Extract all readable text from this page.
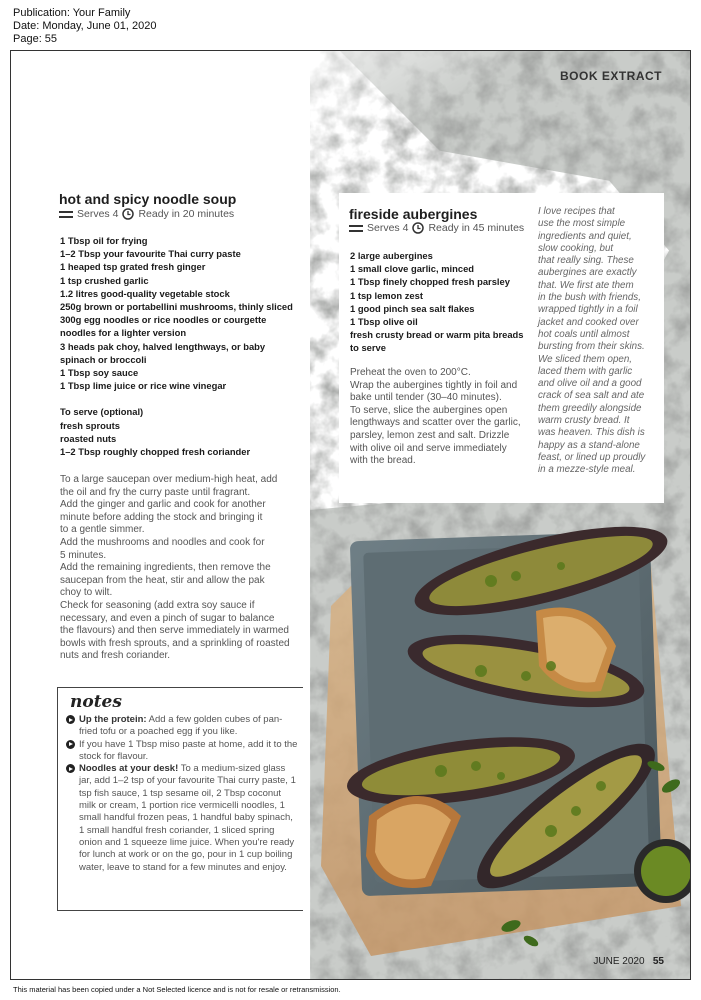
Publication: Your Family
Date: Monday, June 01, 2020
Page: 55
BOOK EXTRACT
hot and spicy noodle soup
Serves 4 Ready in 20 minutes
1 Tbsp oil for frying
1–2 Tbsp your favourite Thai curry paste
1 heaped tsp grated fresh ginger
1 tsp crushed garlic
1.2 litres good-quality vegetable stock
250g brown or portabellini mushrooms, thinly sliced
300g egg noodles or rice noodles or courgette
noodles for a lighter version
3 heads pak choy, halved lengthways, or baby
spinach or broccoli
1 Tbsp soy sauce
1 Tbsp lime juice or rice wine vinegar
To serve (optional)
fresh sprouts
roasted nuts
1–2 Tbsp roughly chopped fresh coriander

To a large saucepan over medium-high heat, add

the oil and fry the curry paste until fragrant.

Add the ginger and garlic and cook for another

minute before adding the stock and bringing it

to a gentle simmer.

Add the mushrooms and noodles and cook for

5 minutes.

Add the remaining ingredients, then remove the

saucepan from the heat, stir and allow the pak

choy to wilt.

Check for seasoning (add extra soy sauce if

necessary, and even a pinch of sugar to balance

the flavours) and then serve immediately in warmed

bowls with fresh sprouts, and a sprinkling of roasted

nuts and fresh coriander.

fireside aubergines
Serves 4 Ready in 45 minutes
2 large aubergines
1 small clove garlic, minced
1 Tbsp finely chopped fresh parsley
1 tsp lemon zest
1 good pinch sea salt flakes
1 Tbsp olive oil
fresh crusty bread or warm pita breads
to serve

Preheat the oven to 200°C.

Wrap the aubergines tightly in foil and

bake until tender (30–40 minutes).

To serve, slice the aubergines open

lengthways and scatter over the garlic,

parsley, lemon zest and salt. Drizzle

with olive oil and serve immediately

with the bread.

I love recipes that
use the most simple
ingredients and quiet,
slow cooking, but
that really sing. These
aubergines are exactly
that. We first ate them
in the bush with friends,
wrapped tightly in a foil
jacket and cooked over
hot coals until almost
bursting from their skins.
We sliced them open,
laced them with garlic
and olive oil and a good
crack of sea salt and ate
them greedily alongside
warm crusty bread. It
was heaven. This dish is
happy as a stand-alone
feast, or lined up proudly
in a mezze-style meal.
notes
Up the protein: Add a few golden cubes of pan-fried tofu or a poached egg if you like.
If you have 1 Tbsp miso paste at home, add it to the stock for flavour.
Noodles at your desk! To a medium-sized glass jar, add 1–2 tsp of your favourite Thai curry paste, 1 tsp fish sauce, 1 tsp sesame oil, 2 Tbsp coconut milk or cream, 1 portion rice vermicelli noodles, 1 small handful frozen peas, 1 handful baby spinach, 1 small handful fresh coriander, 1 sliced spring onion and 1 squeeze lime juice. When you're ready for lunch at work or on the go, pour in 1 cup boiling water, leave to stand for a few minutes and enjoy.
JUNE 2020 55
This material has been copied under a Not Selected licence and is not for resale or retransmission.
